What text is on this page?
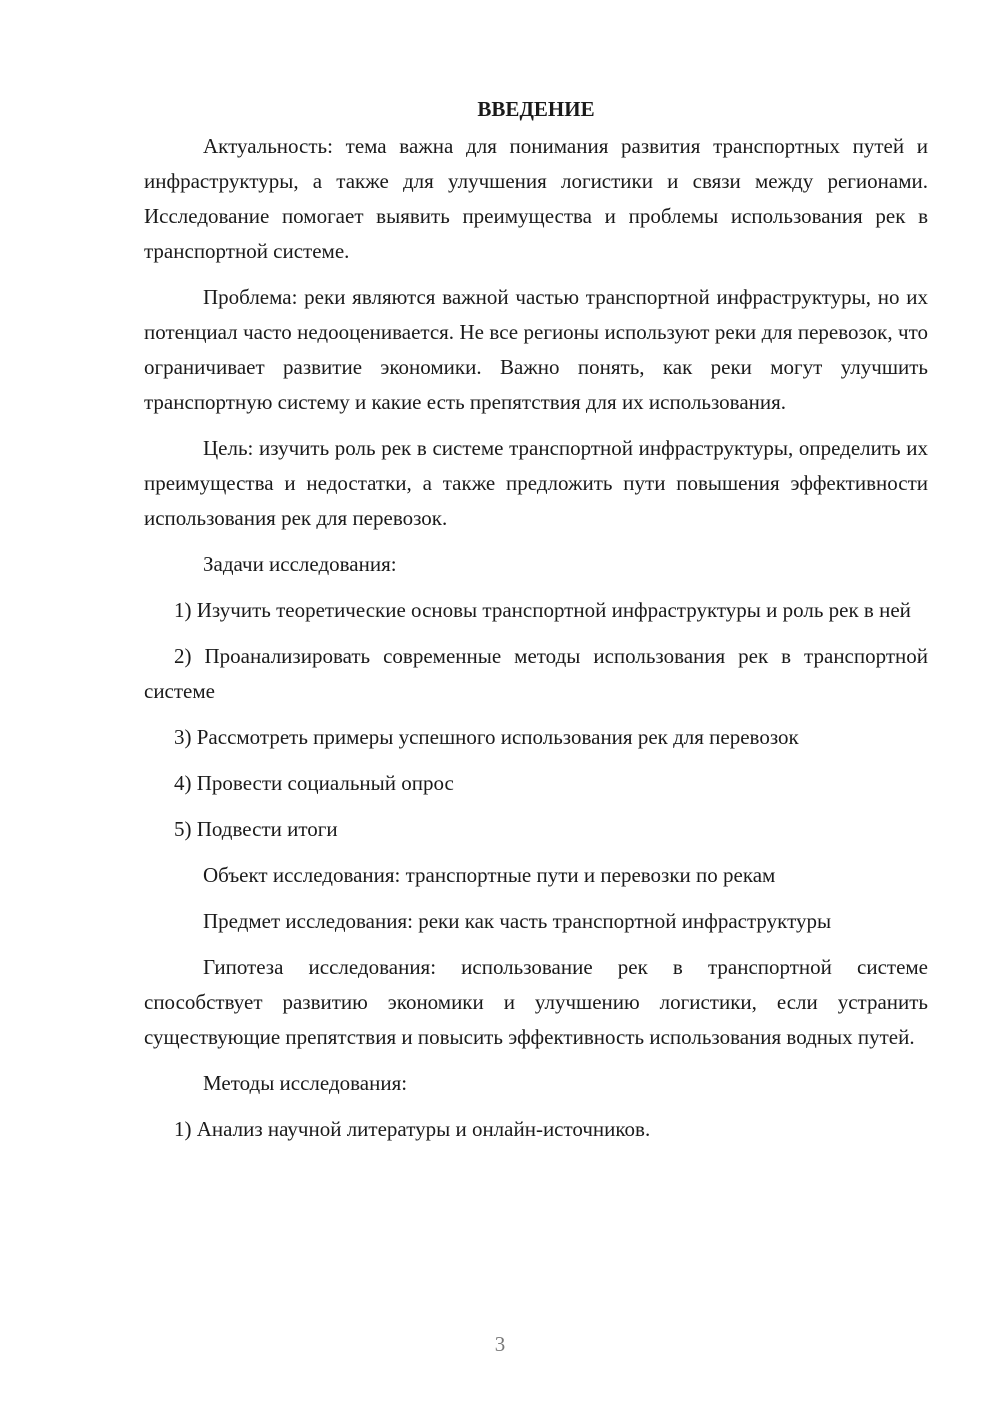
ВВЕДЕНИЕ

Актуальность: тема важна для понимания развития транспортных путей и инфраструктуры, а также для улучшения логистики и связи между регионами. Исследование помогает выявить преимущества и проблемы использования рек в транспортной системе.

Проблема: реки являются важной частью транспортной инфраструктуры, но их потенциал часто недооценивается. Не все регионы используют реки для перевозок, что ограничивает развитие экономики. Важно понять, как реки могут улучшить транспортную систему и какие есть препятствия для их использования.

Цель: изучить роль рек в системе транспортной инфраструктуры, определить их преимущества и недостатки, а также предложить пути повышения эффективности использования рек для перевозок.

Задачи исследования:

1) Изучить теоретические основы транспортной инфраструктуры и роль рек в ней

2) Проанализировать современные методы использования рек в транспортной системе

3) Рассмотреть примеры успешного использования рек для перевозок

4) Провести социальный опрос

5) Подвести итоги

Объект исследования: транспортные пути и перевозки по рекам

Предмет исследования: реки как часть транспортной инфраструктуры

Гипотеза исследования: использование рек в транспортной системе способствует развитию экономики и улучшению логистики, если устранить существующие препятствия и повысить эффективность использования водных путей.

Методы исследования:

1) Анализ научной литературы и онлайн-источников.

3
